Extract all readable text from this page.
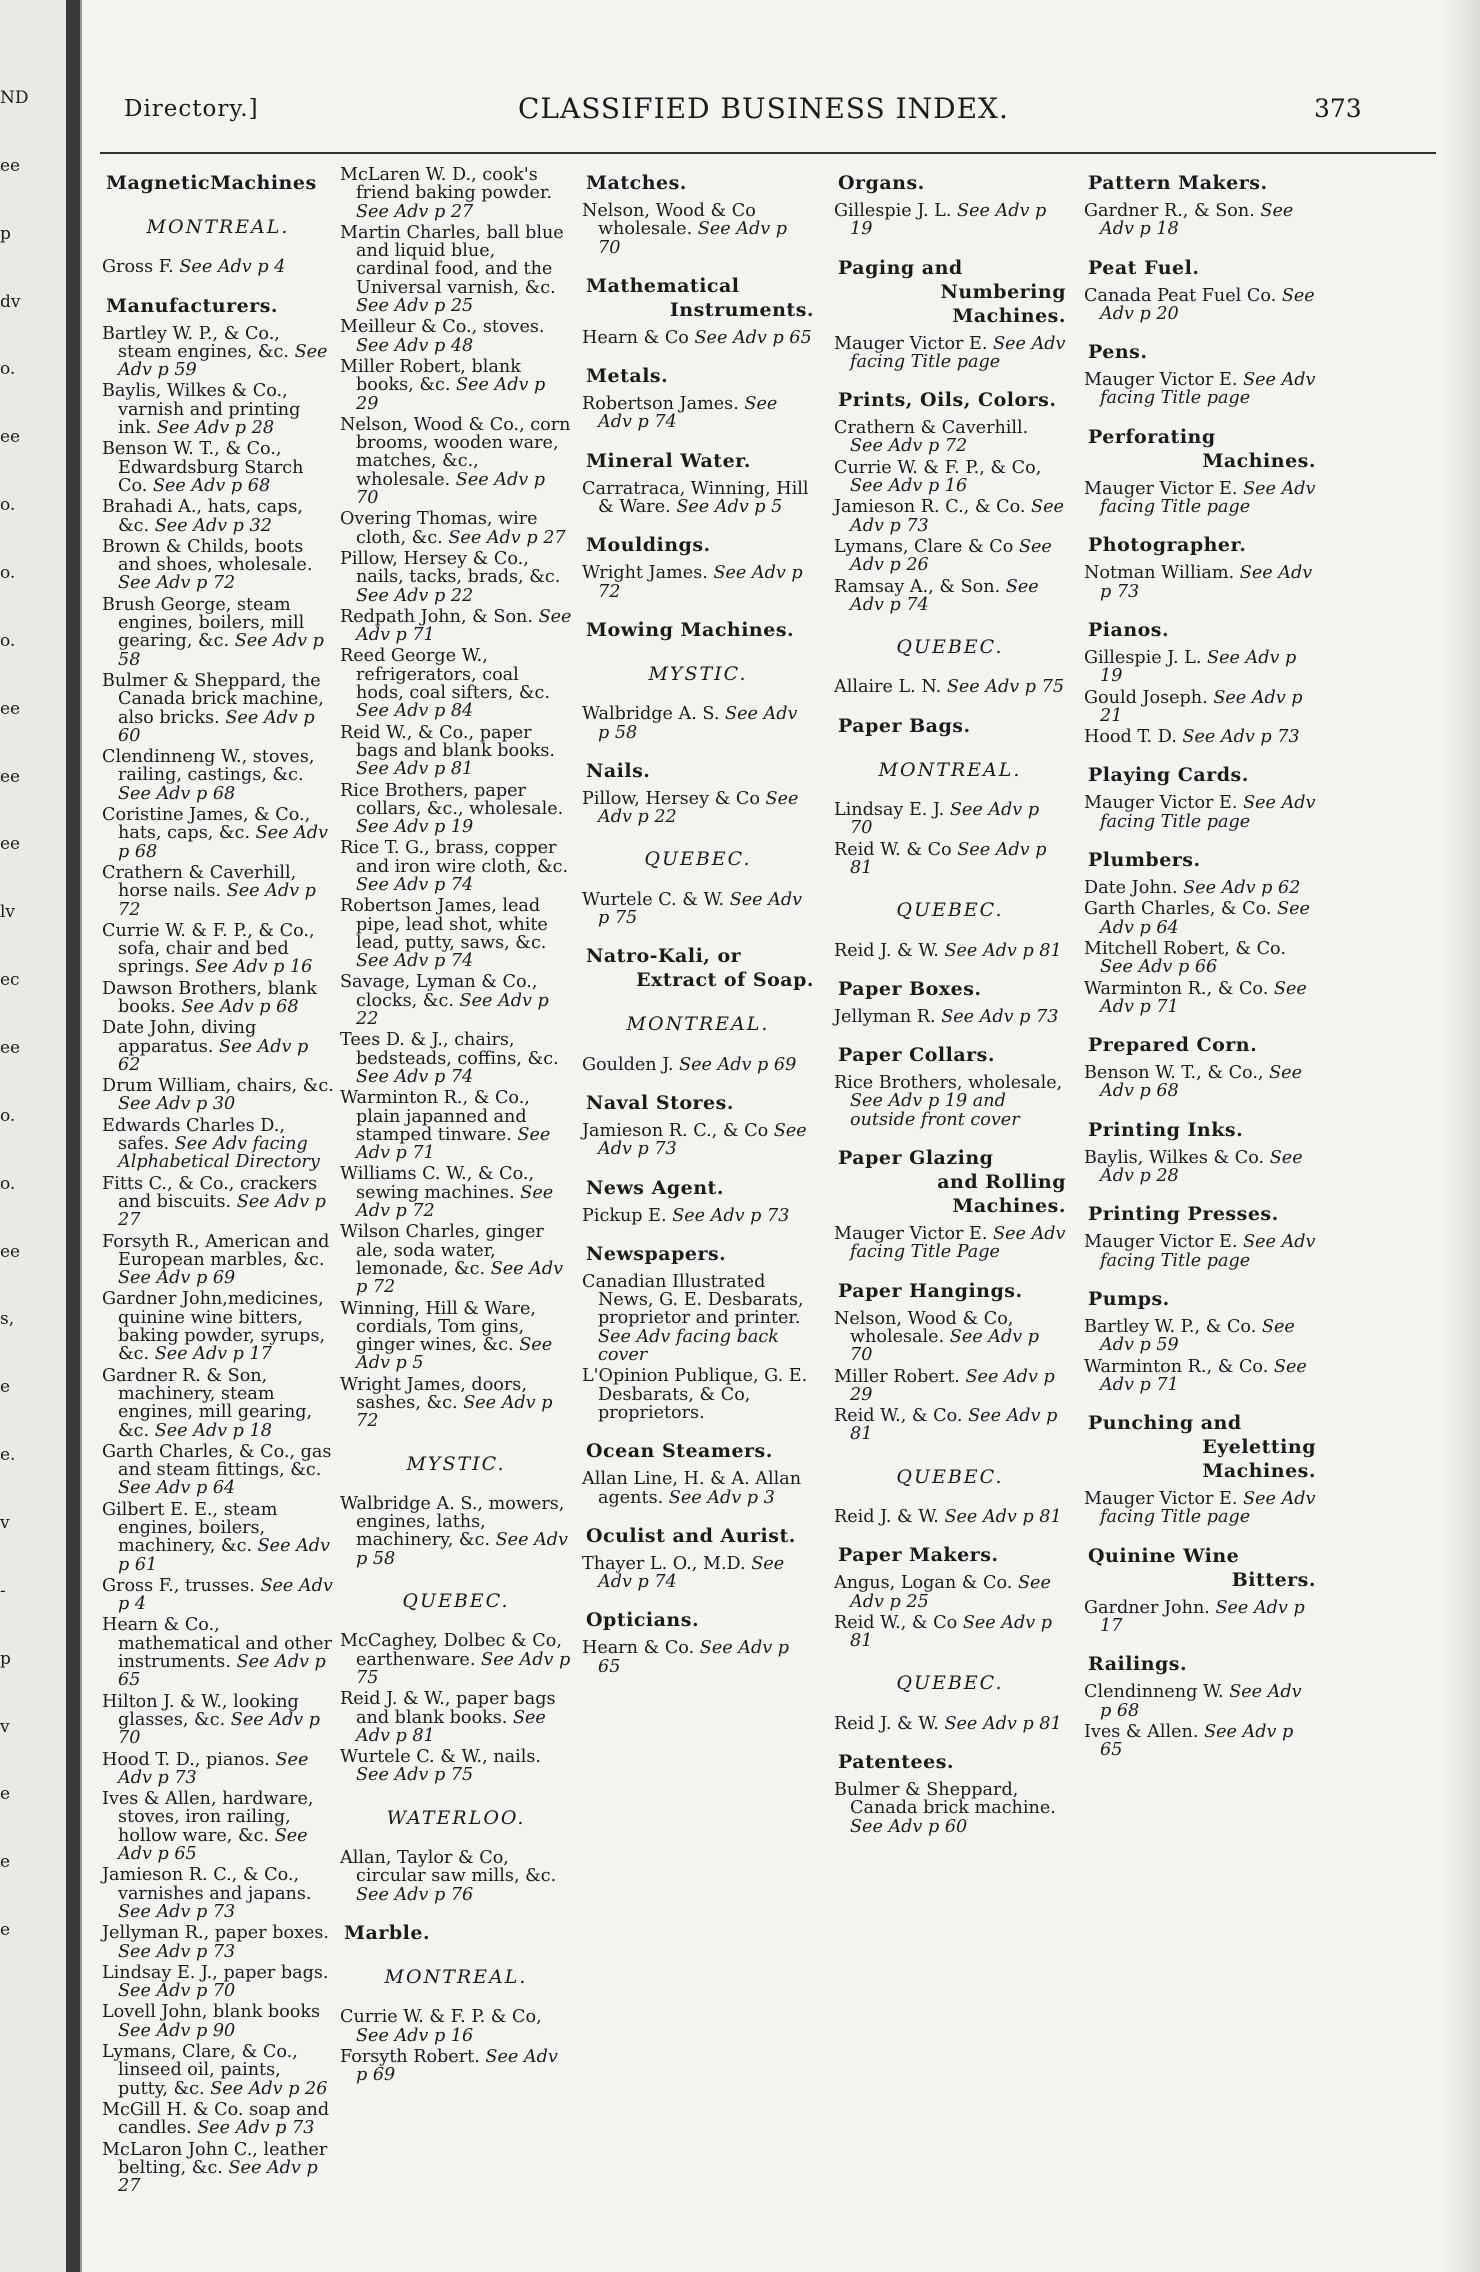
ND
ee
p
dv
o.
ee
o.
o.
o.
ee
ee
ee
lv
ec
ee
o.
o.
ee
s,
e
e.
v
-
p
v
e
e
e
Directory.]	CLASSIFIED BUSINESS INDEX.	373
MagneticMachines
MONTREAL.
Gross F. See Adv p 4
Manufacturers.
Bartley W. P., & Co., steam engines, &c. See Adv p 59
Baylis, Wilkes & Co., varnish and printing ink. See Adv p 28
Benson W. T., & Co., Edwardsburg Starch Co. See Adv p 68
Brahadi A., hats, caps, &c. See Adv p 32
Brown & Childs, boots and shoes, wholesale. See Adv p 72
Brush George, steam engines, boilers, mill gearing, &c. See Adv p 58
Bulmer & Sheppard, the Canada brick machine, also bricks. See Adv p 60
Clendinneng W., stoves, railing, castings, &c. See Adv p 68
Coristine James, & Co., hats, caps, &c. See Adv p 68
Crathern & Caverhill, horse nails. See Adv p 72
Currie W. & F. P., & Co., sofa, chair and bed springs. See Adv p 16
Dawson Brothers, blank books. See Adv p 68
Date John, diving apparatus. See Adv p 62
Drum William, chairs, &c. See Adv p 30
Edwards Charles D., safes. See Adv facing Alphabetical Directory
Fitts C., & Co., crackers and biscuits. See Adv p 27
Forsyth R., American and European marbles, &c. See Adv p 69
Gardner John,medicines, quinine wine bitters, baking powder, syrups, &c. See Adv p 17
Gardner R. & Son, machinery, steam engines, mill gearing, &c. See Adv p 18
Garth Charles, & Co., gas and steam fittings, &c. See Adv p 64
Gilbert E. E., steam engines, boilers, machinery, &c. See Adv p 61
Gross F., trusses. See Adv p 4
Hearn & Co., mathematical and other instruments. See Adv p 65
Hilton J. & W., looking glasses, &c. See Adv p 70
Hood T. D., pianos. See Adv p 73
Ives & Allen, hardware, stoves, iron railing, hollow ware, &c. See Adv p 65
Jamieson R. C., & Co., varnishes and japans. See Adv p 73
Jellyman R., paper boxes. See Adv p 73
Lindsay E. J., paper bags. See Adv p 70
Lovell John, blank books See Adv p 90
Lymans, Clare, & Co., linseed oil, paints, putty, &c. See Adv p 26
McGill H. & Co. soap and candles. See Adv p 73
McLaron John C., leather belting, &c. See Adv p 27
McLaren W. D., cook's friend baking powder. See Adv p 27
Martin Charles, ball blue and liquid blue, cardinal food, and the Universal varnish, &c. See Adv p 25
Meilleur & Co., stoves. See Adv p 48
Miller Robert, blank books, &c. See Adv p 29
Nelson, Wood & Co., corn brooms, wooden ware, matches, &c., wholesale. See Adv p 70
Overing Thomas, wire cloth, &c. See Adv p 27
Pillow, Hersey & Co., nails, tacks, brads, &c. See Adv p 22
Redpath John, & Son. See Adv p 71
Reed George W., refrigerators, coal hods, coal sifters, &c. See Adv p 84
Reid W., & Co., paper bags and blank books. See Adv p 81
Rice Brothers, paper collars, &c., wholesale. See Adv p 19
Rice T. G., brass, copper and iron wire cloth, &c. See Adv p 74
Robertson James, lead pipe, lead shot, white lead, putty, saws, &c. See Adv p 74
Savage, Lyman & Co., clocks, &c. See Adv p 22
Tees D. & J., chairs, bedsteads, coffins, &c. See Adv p 74
Warminton R., & Co., plain japanned and stamped tinware. See Adv p 71
Williams C. W., & Co., sewing machines. See Adv p 72
Wilson Charles, ginger ale, soda water, lemonade, &c. See Adv p 72
Winning, Hill & Ware, cordials, Tom gins, ginger wines, &c. See Adv p 5
Wright James, doors, sashes, &c. See Adv p 72
MYSTIC.
Walbridge A. S., mowers, engines, laths, machinery, &c. See Adv p 58
QUEBEC.
McCaghey, Dolbec & Co, earthenware. See Adv p 75
Reid J. & W., paper bags and blank books. See Adv p 81
Wurtele C. & W., nails. See Adv p 75
WATERLOO.
Allan, Taylor & Co, circular saw mills, &c. See Adv p 76
Marble.
MONTREAL.
Currie W. & F. P. & Co, See Adv p 16
Forsyth Robert. See Adv p 69
Matches.
Nelson, Wood & Co wholesale. See Adv p 70
Mathematical
Instruments.
Hearn & Co See Adv p 65
Metals.
Robertson James. See Adv p 74
Mineral Water.
Carratraca, Winning, Hill & Ware. See Adv p 5
Mouldings.
Wright James. See Adv p 72
Mowing Machines.
MYSTIC.
Walbridge A. S. See Adv p 58
Nails.
Pillow, Hersey & Co See Adv p 22
QUEBEC.
Wurtele C. & W. See Adv p 75
Natro-Kali, or
Extract of Soap.
MONTREAL.
Goulden J. See Adv p 69
Naval Stores.
Jamieson R. C., & Co See Adv p 73
News Agent.
Pickup E. See Adv p 73
Newspapers.
Canadian Illustrated News, G. E. Desbarats, proprietor and printer. See Adv facing back cover
L'Opinion Publique, G. E. Desbarats, & Co, proprietors.
Ocean Steamers.
Allan Line, H. & A. Allan agents. See Adv p 3
Oculist and Aurist.
Thayer L. O., M.D. See Adv p 74
Opticians.
Hearn & Co. See Adv p 65
Organs.
Gillespie J. L. See Adv p 19
Paging and
Numbering
Machines.
Mauger Victor E. See Adv facing Title page
Prints, Oils, Colors.
Crathern & Caverhill. See Adv p 72
Currie W. & F. P., & Co, See Adv p 16
Jamieson R. C., & Co. See Adv p 73
Lymans, Clare & Co See Adv p 26
Ramsay A., & Son. See Adv p 74
QUEBEC.
Allaire L. N. See Adv p 75
Paper Bags.
MONTREAL.
Lindsay E. J. See Adv p 70
Reid W. & Co See Adv p 81
QUEBEC.
Reid J. & W. See Adv p 81
Paper Boxes.
Jellyman R. See Adv p 73
Paper Collars.
Rice Brothers, wholesale, See Adv p 19 and outside front cover
Paper Glazing
and Rolling
Machines.
Mauger Victor E. See Adv facing Title Page
Paper Hangings.
Nelson, Wood & Co, wholesale. See Adv p 70
Miller Robert. See Adv p 29
Reid W., & Co. See Adv p 81
QUEBEC.
Reid J. & W. See Adv p 81
Paper Makers.
Angus, Logan & Co. See Adv p 25
Reid W., & Co See Adv p 81
QUEBEC.
Reid J. & W. See Adv p 81
Patentees.
Bulmer & Sheppard, Canada brick machine. See Adv p 60
Pattern Makers.
Gardner R., & Son. See Adv p 18
Peat Fuel.
Canada Peat Fuel Co. See Adv p 20
Pens.
Mauger Victor E. See Adv facing Title page
Perforating
Machines.
Mauger Victor E. See Adv facing Title page
Photographer.
Notman William. See Adv p 73
Pianos.
Gillespie J. L. See Adv p 19
Gould Joseph. See Adv p 21
Hood T. D. See Adv p 73
Playing Cards.
Mauger Victor E. See Adv facing Title page
Plumbers.
Date John. See Adv p 62
Garth Charles, & Co. See Adv p 64
Mitchell Robert, & Co. See Adv p 66
Warminton R., & Co. See Adv p 71
Prepared Corn.
Benson W. T., & Co., See Adv p 68
Printing Inks.
Baylis, Wilkes & Co. See Adv p 28
Printing Presses.
Mauger Victor E. See Adv facing Title page
Pumps.
Bartley W. P., & Co. See Adv p 59
Warminton R., & Co. See Adv p 71
Punching and
Eyeletting
Machines.
Mauger Victor E. See Adv facing Title page
Quinine Wine
Bitters.
Gardner John. See Adv p 17
Railings.
Clendinneng W. See Adv p 68
Ives & Allen. See Adv p 65
